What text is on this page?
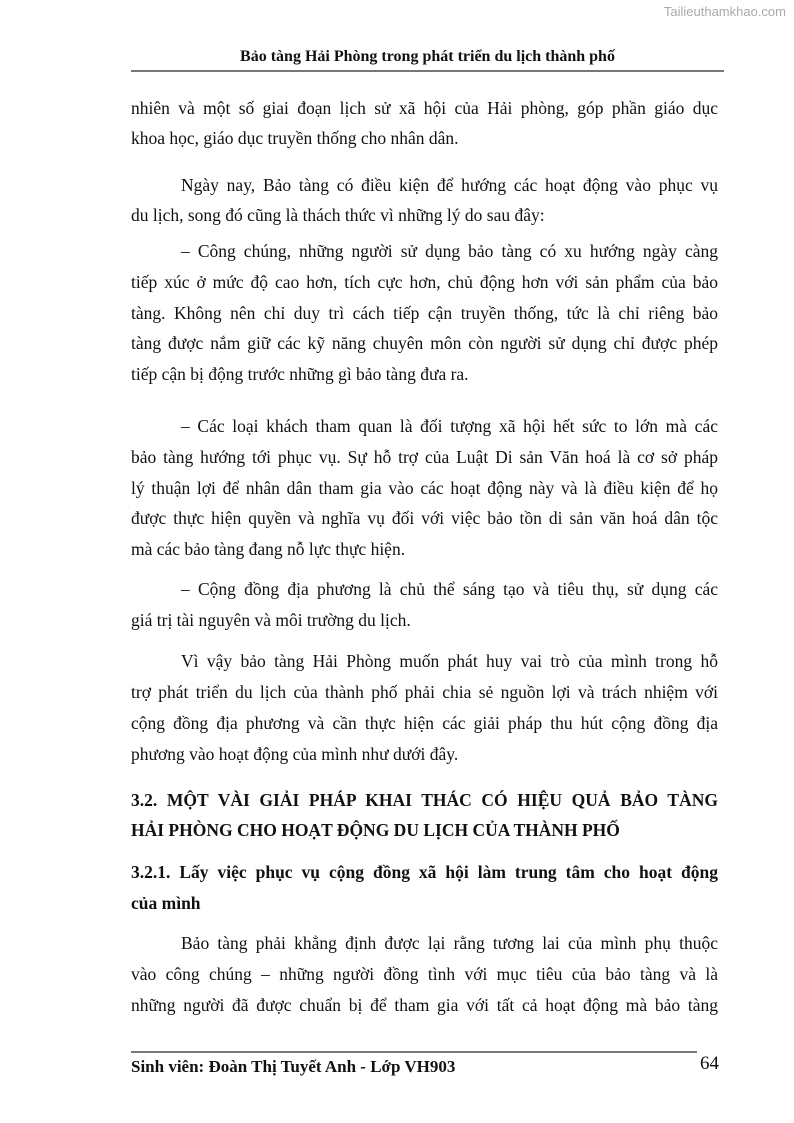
Tailieuthamkhao.com
Bảo tàng Hải Phòng trong phát triển du lịch thành phố
nhiên và một số giai đoạn lịch sử xã hội của Hải phòng, góp phần giáo dục
khoa học, giáo dục truyền thống cho nhân dân.
Ngày nay, Bảo tàng có điều kiện để hướng các hoạt động vào phục vụ
du lịch, song đó cũng là thách thức vì những lý do sau đây:
– Công chúng, những người sử dụng bảo tàng có xu hướng ngày càng
tiếp xúc ở mức độ cao hơn, tích cực hơn, chủ động hơn với sản phẩm của bảo
tàng. Không nên chỉ duy trì cách tiếp cận truyền thống, tức là chỉ riêng bảo
tàng được nắm giữ các kỹ năng chuyên môn còn người sử dụng chỉ được phép
tiếp cận bị động trước những gì bảo tàng đưa ra.
– Các loại khách tham quan là đối tượng xã hội hết sức to lớn mà các
bảo tàng hướng tới phục vụ. Sự hỗ trợ của Luật Di sản Văn hoá là cơ sở pháp
lý thuận lợi để nhân dân tham gia vào các hoạt động này và là điều kiện để họ
được thực hiện quyền và nghĩa vụ đối với việc bảo tồn di sản văn hoá dân tộc
mà các bảo tàng đang nỗ lực thực hiện.
– Cộng đồng địa phương là chủ thể sáng tạo và tiêu thụ, sử dụng các
giá trị tài nguyên và môi trường du lịch.
Vì vậy bảo tàng Hải Phòng muốn phát huy vai trò của mình trong hỗ
trợ phát triển du lịch của thành phố phải chia sẻ nguồn lợi và trách nhiệm với
cộng đồng địa phương và cần thực hiện các giải pháp thu hút cộng đồng địa
phương vào hoạt động của mình như dưới đây.
3.2. MỘT VÀI GIẢI PHÁP KHAI THÁC CÓ HIỆU QUẢ BẢO TÀNG
HẢI PHÒNG CHO HOẠT ĐỘNG DU LỊCH CỦA THÀNH PHỐ
3.2.1. Lấy việc phục vụ cộng đồng xã hội làm trung tâm cho hoạt động
của mình
Bảo tàng phải khẳng định được lại rằng tương lai của mình phụ thuộc
vào công chúng – những người đồng tình với mục tiêu của bảo tàng và là
những người đã được chuẩn bị để tham gia với tất cả hoạt động mà bảo tàng
Sinh viên: Đoàn Thị Tuyết Anh - Lớp VH903	64
